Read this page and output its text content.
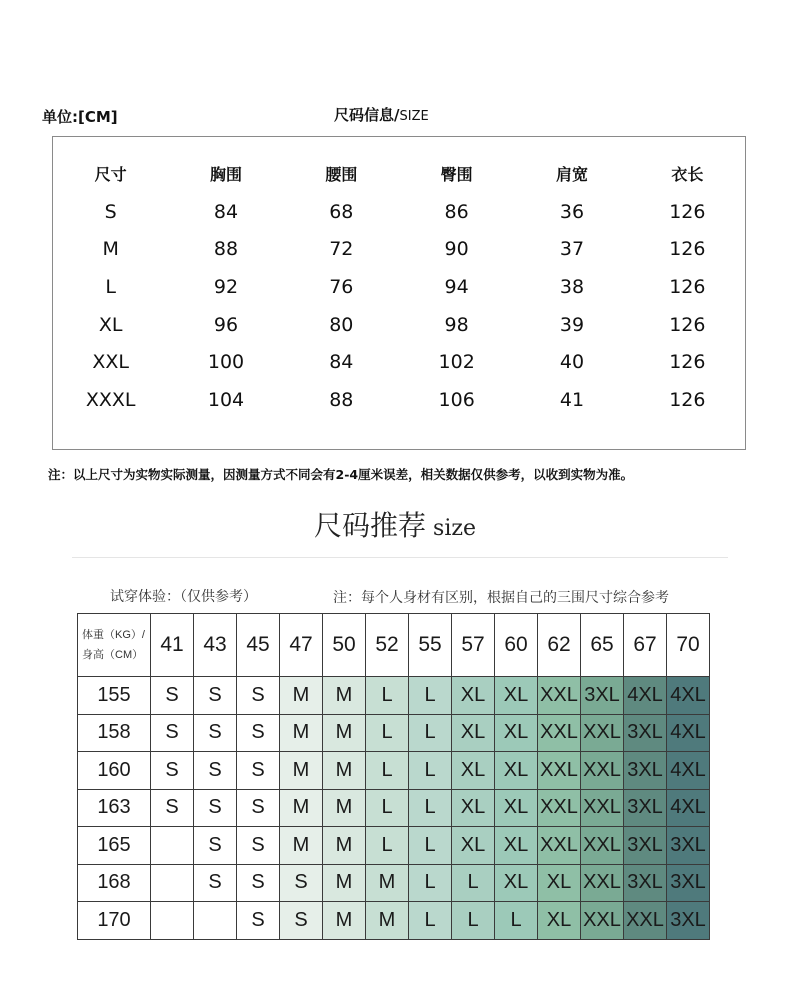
单位:[CM]	尺码信息/SIZE
尺寸	胸围	腰围	臀围	肩宽	衣长
S	84	68	86	36	126
M	88	72	90	37	126
L	92	76	94	38	126
XL	96	80	98	39	126
XXL	100	84	102	40	126
XXXL	104	88	106	41	126
注：以上尺寸为实物实际测量，因测量方式不同会有2-4厘米误差，相关数据仅供参考，以收到实物为准。
尺码推荐 size
试穿体验：（仅供参考）	注：每个人身材有区别，根据自己的三围尺寸综合参考
体重（KG）/
身高（CM）	41	43	45	47	50	52	55	57	60	62	65	67	70
155	S	S	S	M	M	L	L	XL	XL	XXL	3XL	4XL	4XL
158	S	S	S	M	M	L	L	XL	XL	XXL	XXL	3XL	4XL
160	S	S	S	M	M	L	L	XL	XL	XXL	XXL	3XL	4XL
163	S	S	S	M	M	L	L	XL	XL	XXL	XXL	3XL	4XL
165		S	S	M	M	L	L	XL	XL	XXL	XXL	3XL	3XL
168		S	S	S	M	M	L	L	XL	XL	XXL	3XL	3XL
170			S	S	M	M	L	L	L	XL	XXL	XXL	3XL
